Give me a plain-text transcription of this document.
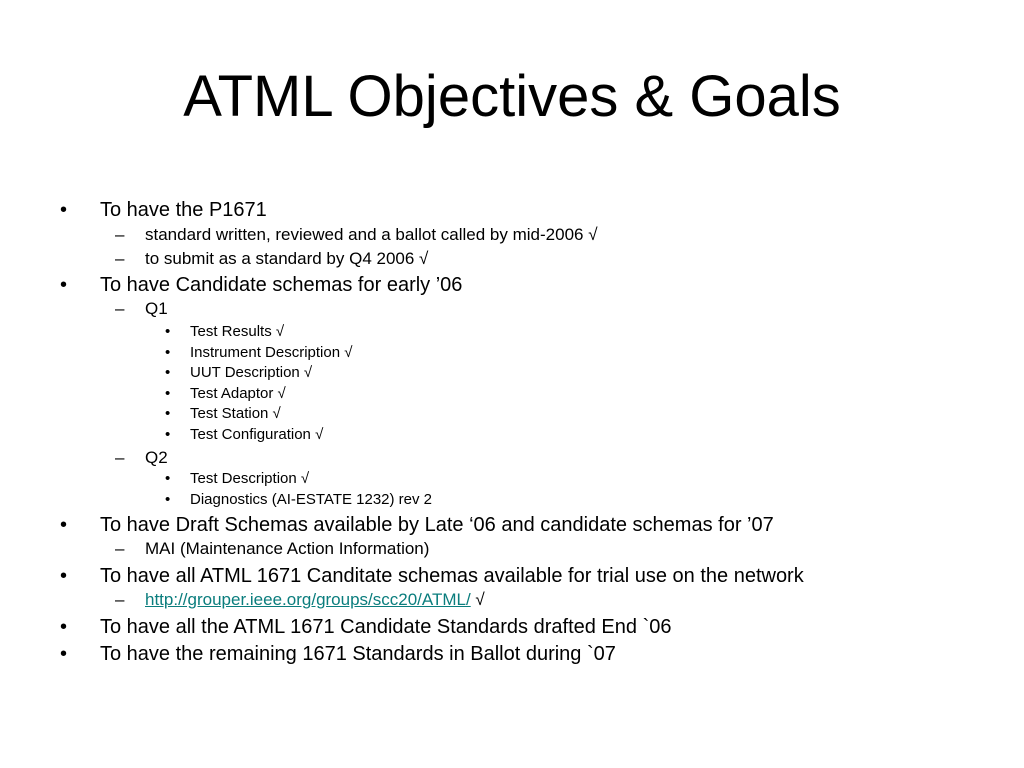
ATML Objectives & Goals
• To have the P1671
– standard written, reviewed and a ballot called by mid-2006 √
– to submit as a standard by Q4 2006 √
• To have Candidate schemas for early ’06
– Q1
• Test Results √
• Instrument Description √
• UUT Description √
• Test Adaptor √
• Test Station √
• Test Configuration √
– Q2
• Test Description √
• Diagnostics (AI-ESTATE 1232) rev 2
• To have Draft Schemas available by Late ‘06 and candidate schemas for ’07
– MAI (Maintenance Action Information)
• To have all ATML 1671 Canditate schemas available for trial use on the network
– http://grouper.ieee.org/groups/scc20/ATML/ √
• To have all the ATML 1671 Candidate Standards drafted End `06
• To have the remaining 1671 Standards in Ballot during `07
